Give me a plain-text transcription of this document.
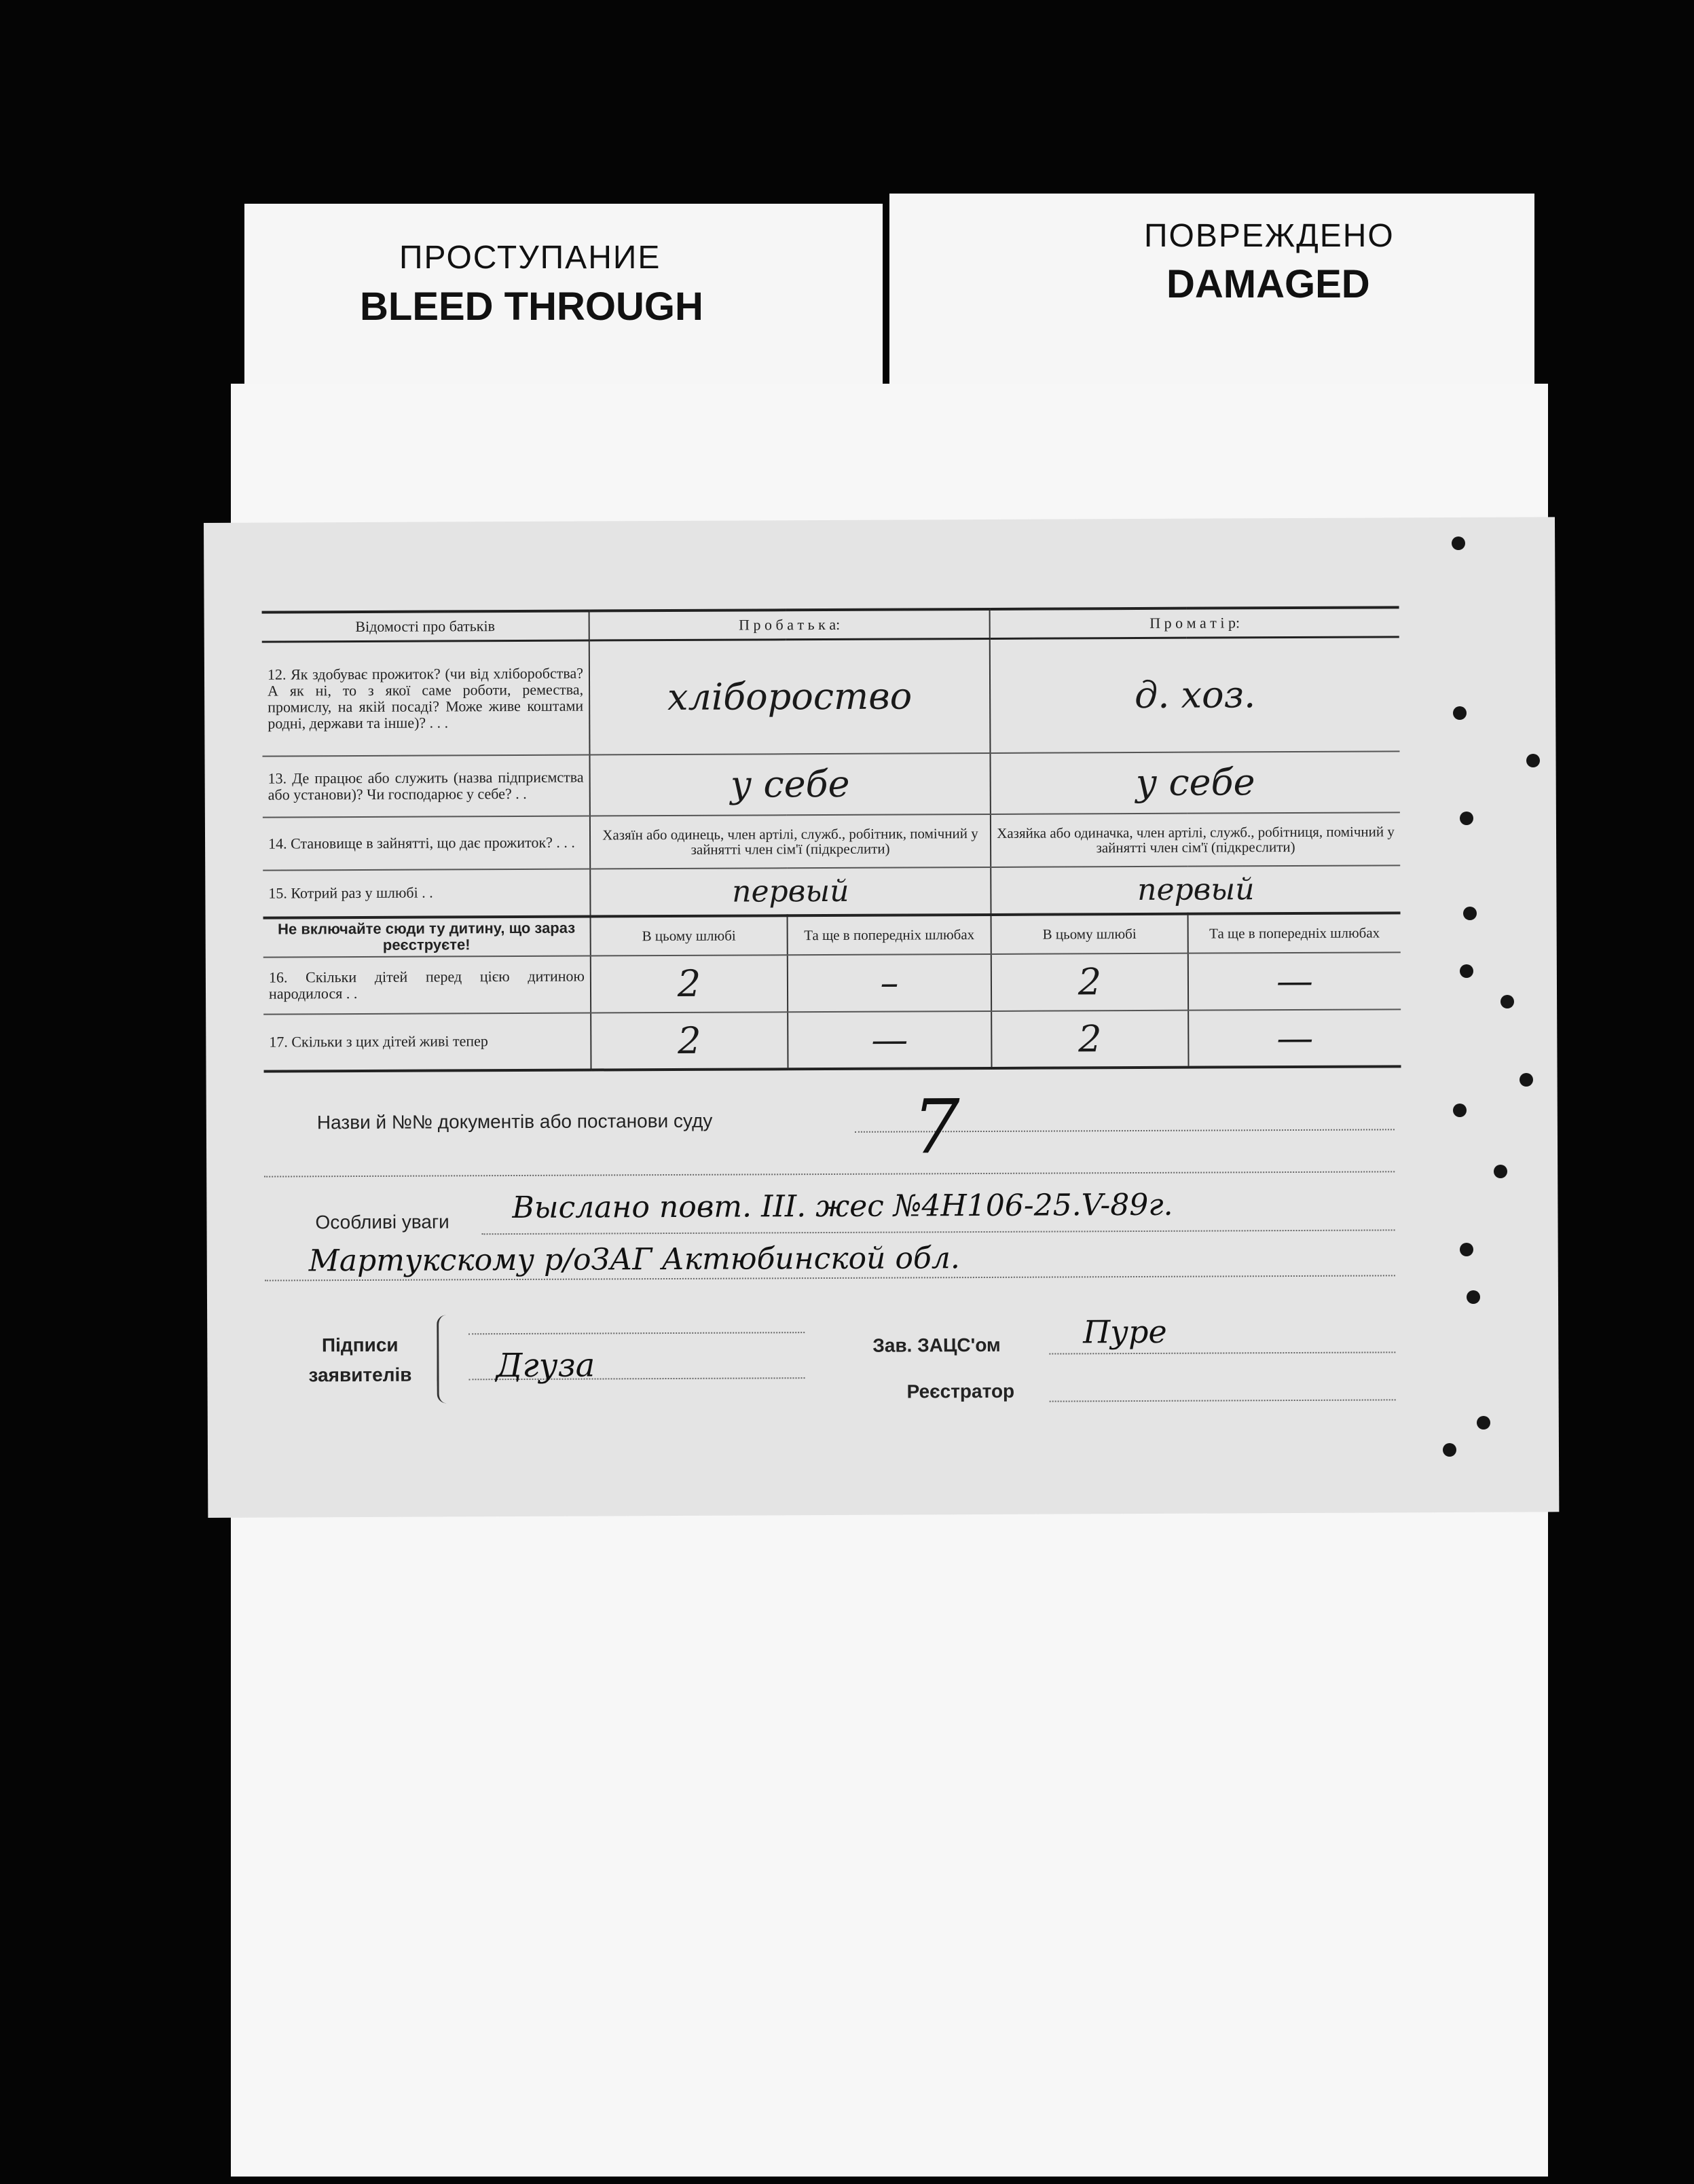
ПРОСТУПАНИЕ
BLEED THROUGH
ПОВРЕЖДЕНО
DAMAGED
Відомості про батьків	П р о б а т ь к а:		П р о м а т і р:	
12. Як здобуває прожиток? (чи від хліборобства? А як ні, то з якої саме роботи, ремества, промислу, на якій посаді? Може живе коштами родні, держави та інше)? . . .	хлібороство		д. хоз.	
13. Де працює або служить (назва підприємства або установи)? Чи господарює у себе? . .	у себе		у себе	
14. Становище в зайнятті, що дає прожиток? . . .	Хазяїн або одинець, член артілі, служб., робітник, помічний у зайнятті член сім'ї (підкреслити)		Хазяйка або одиначка, член артілі, служб., робітниця, помічний у зайнятті член сім'ї (підкреслити)	
15. Котрий раз у шлюбі . .	первый		первый	
Не включайте сюди ту дитину, що зараз реєструєте!	В цьому шлюбі	Та ще в попередніх шлюбах	В цьому шлюбі	Та ще в попередніх шлюбах
16. Скільки дітей перед цією дитиною народилося . .	2	–	2	—
17. Скільки з цих дітей живі тепер	2	—	2	—
Назви й №№ документів або постанови суду	7
Особливі уваги Выслано повт. III. жес №4Н106-25.V-89г.
Мартукскому р/оЗАГ Актюбинской обл.
Підписи заявителів	Дгуза
Зав. ЗАЦС'ом	Пуре
Реєстратор
